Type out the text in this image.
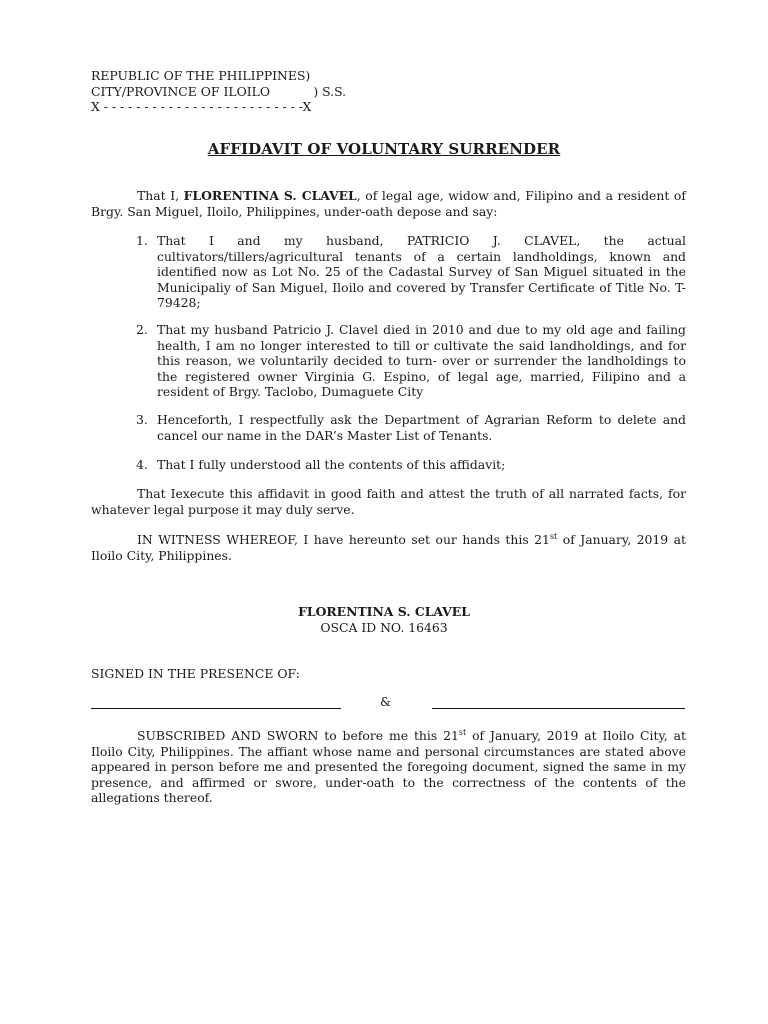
REPUBLIC OF THE PHILIPPINES)
CITY/PROVINCE OF ILOILO           ) S.S.
X - - - - - - - - - - - - - - - - - - - - - - - - -X
AFFIDAVIT OF VOLUNTARY SURRENDER

That I, FLORENTINA S. CLAVEL, of legal age, widow and, Filipino and a resident of Brgy. San Miguel, Iloilo, Philippines, under-oath depose and say:

1. That I and my husband, PATRICIO J. CLAVEL, the actual cultivators/tillers/agricultural tenants of a certain landholdings, known and identified now as Lot No. 25 of the Cadastal Survey of San Miguel situated in the Municipaliy of San Miguel, Iloilo and covered by Transfer Certificate of Title No. T-79428;
2. That my husband Patricio J. Clavel died in 2010 and due to my old age and failing health, I am no longer interested to till or cultivate the said landholdings, and for this reason, we voluntarily decided to turn- over or surrender the landholdings to the registered owner Virginia G. Espino, of legal age, married, Filipino and a resident of Brgy. Taclobo, Dumaguete City
3. Henceforth, I respectfully ask the Department of Agrarian Reform to delete and cancel our name in the DAR’s Master List of Tenants.
4. That I fully understood all the contents of this affidavit;

That Iexecute this affidavit in good faith and attest the truth of all narrated facts, for whatever legal purpose it may duly serve.

IN WITNESS WHEREOF, I have hereunto set our hands this 21st of January, 2019 at Iloilo City, Philippines.

FLORENTINA S. CLAVEL
OSCA ID NO. 16463
SIGNED IN THE PRESENCE OF:
&

SUBSCRIBED AND SWORN to before me this 21st of January, 2019 at Iloilo City, at Iloilo City, Philippines. The affiant whose name and personal circumstances are stated above appeared in person before me and presented the foregoing document, signed the same in my presence, and affirmed or swore, under-oath to the correctness of the contents of the allegations thereof.
